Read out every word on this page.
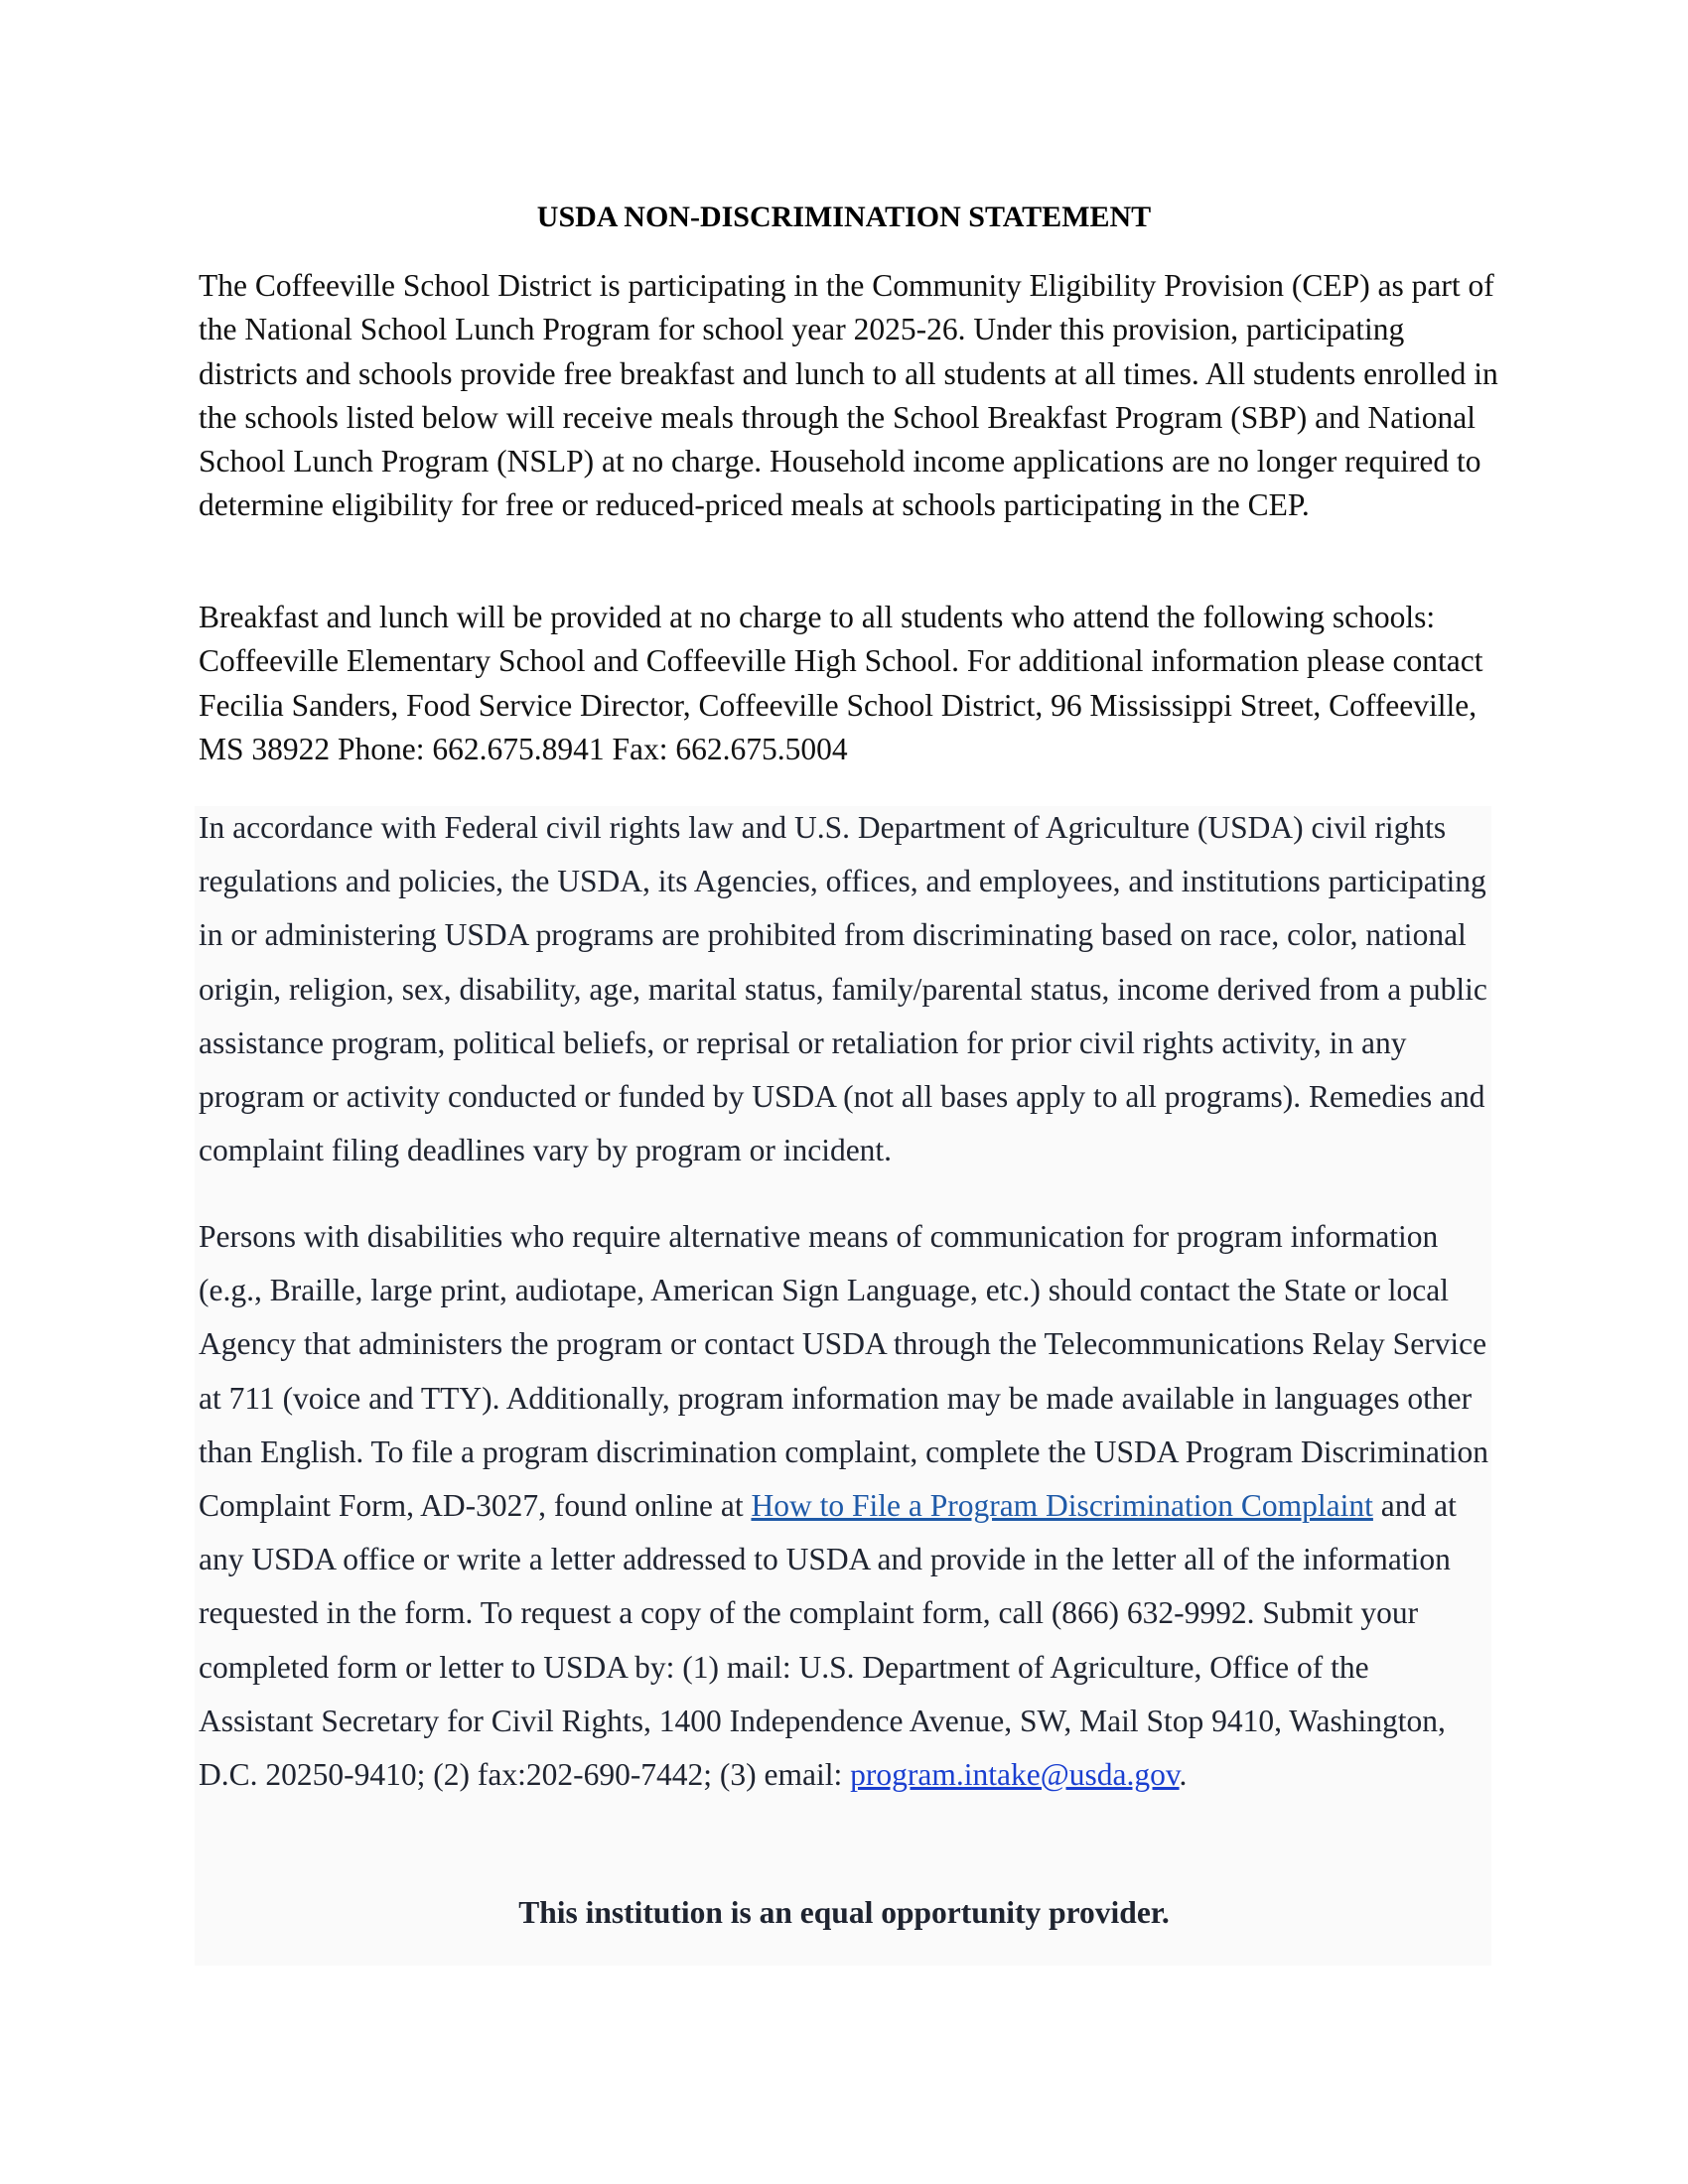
USDA NON-DISCRIMINATION STATEMENT

The Coffeeville School District is participating in the Community Eligibility Provision (CEP) as part of the National School Lunch Program for school year 2025-26. Under this provision, participating districts and schools provide free breakfast and lunch to all students at all times. All students enrolled in the schools listed below will receive meals through the School Breakfast Program (SBP) and National School Lunch Program (NSLP) at no charge. Household income applications are no longer required to determine eligibility for free or reduced-priced meals at schools participating in the CEP.

Breakfast and lunch will be provided at no charge to all students who attend the following schools: Coffeeville Elementary School and Coffeeville High School. For additional information please contact Fecilia Sanders, Food Service Director, Coffeeville School District, 96 Mississippi Street, Coffeeville, MS 38922 Phone: 662.675.8941 Fax: 662.675.5004

In accordance with Federal civil rights law and U.S. Department of Agriculture (USDA) civil rights regulations and policies, the USDA, its Agencies, offices, and employees, and institutions participating in or administering USDA programs are prohibited from discriminating based on race, color, national origin, religion, sex, disability, age, marital status, family/parental status, income derived from a public assistance program, political beliefs, or reprisal or retaliation for prior civil rights activity, in any program or activity conducted or funded by USDA (not all bases apply to all programs). Remedies and complaint filing deadlines vary by program or incident.

Persons with disabilities who require alternative means of communication for program information (e.g., Braille, large print, audiotape, American Sign Language, etc.) should contact the State or local Agency that administers the program or contact USDA through the Telecommunications Relay Service at 711 (voice and TTY). Additionally, program information may be made available in languages other than English. To file a program discrimination complaint, complete the USDA Program Discrimination Complaint Form, AD-3027, found online at How to File a Program Discrimination Complaint and at any USDA office or write a letter addressed to USDA and provide in the letter all of the information requested in the form. To request a copy of the complaint form, call (866) 632-9992. Submit your completed form or letter to USDA by: (1) mail: U.S. Department of Agriculture, Office of the Assistant Secretary for Civil Rights, 1400 Independence Avenue, SW, Mail Stop 9410, Washington, D.C. 20250-9410; (2) fax:202-690-7442; (3) email: program.intake@usda.gov.

This institution is an equal opportunity provider.
